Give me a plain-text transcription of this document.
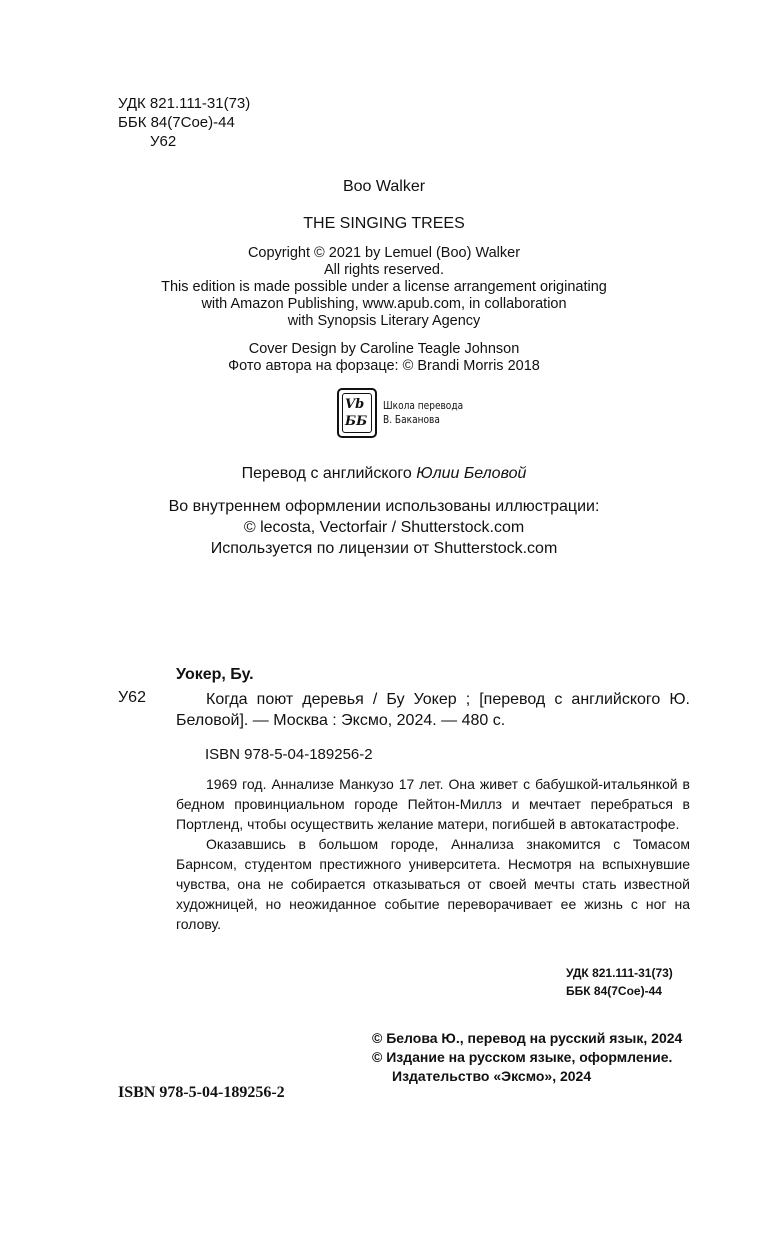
УДК 821.111-31(73)
ББК 84(7Сое)-44
У62
Boo Walker
THE SINGING TREES
Copyright © 2021 by Lemuel (Boo) Walker
All rights reserved.
This edition is made possible under a license arrangement originating
with Amazon Publishing, www.apub.com, in collaboration
with Synopsis Literary Agency
Cover Design by Caroline Teagle Johnson
Фото автора на форзаце: © Brandi Morris 2018
Vb
ББ
Школа перевода
В. Баканова
Перевод с английского Юлии Беловой
Во внутреннем оформлении использованы иллюстрации:
© lecosta, Vectorfair / Shutterstock.com
Используется по лицензии от Shutterstock.com
Уокер, Бу.
У62	Когда поют деревья / Бу Уокер ; [перевод с английского Ю. Беловой]. — Москва : Эксмо, 2024. — 480 с.
ISBN 978-5-04-189256-2

1969 год. Аннализе Манкузо 17 лет. Она живет с бабушкой-итальянкой в бедном провинциальном городе Пейтон-Миллз и мечтает перебраться в Портленд, чтобы осуществить желание матери, погибшей в автокатастрофе.

Оказавшись в большом городе, Аннализа знакомится с Томасом Барнсом, студентом престижного университета. Несмотря на вспыхнувшие чувства, она не собирается отказываться от своей мечты стать известной художницей, но неожиданное событие переворачивает ее жизнь с ног на голову.

УДК 821.111-31(73)
ББК 84(7Сое)-44
© Белова Ю., перевод на русский язык, 2024
© Издание на русском языке, оформление. Издательство «Эксмо», 2024
ISBN 978-5-04-189256-2
